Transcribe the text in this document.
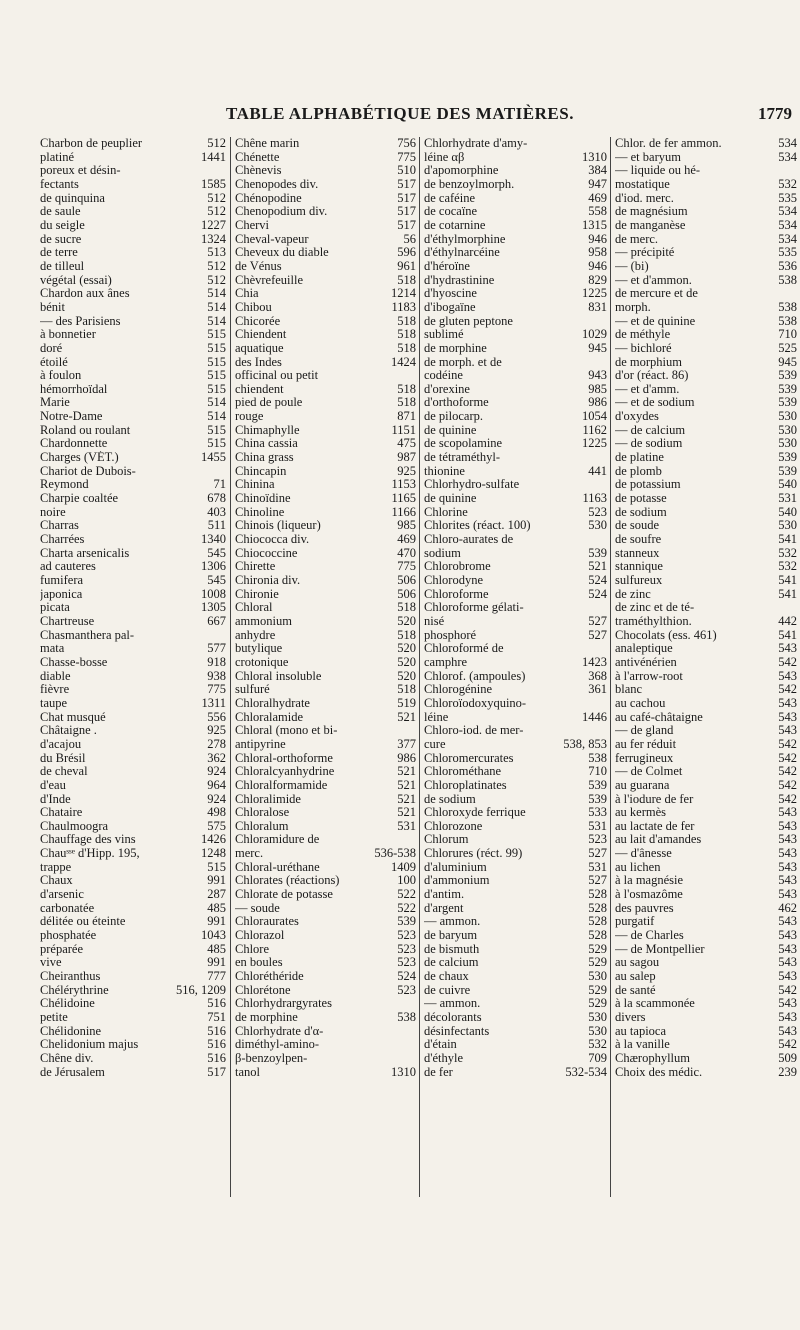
TABLE ALPHABÉTIQUE DES MATIÈRES.	1779
Charbon de peuplier	512
platiné	1441
poreux et désin-
fectants	1585
de quinquina	512
de saule	512
du seigle	1227
de sucre	1324
de terre	513
de tilleul	512
végétal (essai)	512
Chardon aux ânes	514
bénit	514
— des Parisiens	514
à bonnetier	515
doré	515
étoilé	515
à foulon	515
hémorrhoïdal	515
Marie	514
Notre-Dame	514
Roland ou roulant	515
Chardonnette	515
Charges (VÉT.)	1455
Chariot de Dubois-
Reymond	71
Charpie coaltée	678
noire	403
Charras	511
Charrées	1340
Charta arsenicalis	545
ad cauteres	1306
fumifera	545
japonica	1008
picata	1305
Chartreuse	667
Chasmanthera pal-
mata	577
Chasse-bosse	918
diable	938
fièvre	775
taupe	1311
Chat musqué	556
Châtaigne .	925
d'acajou	278
du Brésil	362
de cheval	924
d'eau	964
d'Inde	924
Chataire	498
Chaulmoogra	575
Chauffage des vins	1426
Chauˢˢᵉ d'Hipp. 195,	1248
trappe	515
Chaux	991
d'arsenic	287
carbonatée	485
délitée ou éteinte	991
phosphatée	1043
préparée	485
vive	991
Cheiranthus	777
Chélérythrine	516, 1209
Chélidoine	516
petite	751
Chélidonine	516
Chelidonium majus	516
Chêne div.	516
de Jérusalem	517
Chêne marin	756
Chénette	775
Chènevis	510
Chenopodes div.	517
Chénopodine	517
Chenopodium div.	517
Chervi	517
Cheval-vapeur	56
Cheveux du diable	596
de Vénus	961
Chèvrefeuille	518
Chia	1214
Chibou	1183
Chicorée	518
Chiendent	518
aquatique	518
des Indes	1424
officinal ou petit
chiendent	518
pied de poule	518
rouge	871
Chimaphylle	1151
China cassia	475
China grass	987
Chincapin	925
Chinina	1153
Chinoïdine	1165
Chinoline	1166
Chinois (liqueur)	985
Chiococca div.	469
Chiococcine	470
Chirette	775
Chironia div.	506
Chironie	506
Chloral	518
ammonium	520
anhydre	518
butylique	520
crotonique	520
Chloral insoluble	520
sulfuré	518
Chloralhydrate	519
Chloralamide	521
Chloral (mono et bi-
antipyrine	377
Chloral-orthoforme	986
Chloralcyanhydrine	521
Chloralformamide	521
Chloralimide	521
Chloralose	521
Chloralum	531
Chloramidure de
merc.	536-538
Chloral-uréthane	1409
Chlorates (réactions)	100
Chlorate de potasse	522
— soude	522
Chloraurates	539
Chlorazol	523
Chlore	523
en boules	523
Chloréthéride	524
Chlorétone	523
Chlorhydrargyrates
de morphine	538
Chlorhydrate d'α-
diméthyl-amino-
β-benzoylpen-
tanol	1310
Chlorhydrate d'amy-
léine αβ	1310
d'apomorphine	384
de benzoylmorph.	947
de caféine	469
de cocaïne	558
de cotarnine	1315
d'éthylmorphine	946
d'éthylnarcéine	958
d'héroïne	946
d'hydrastinine	829
d'hyoscine	1225
d'ibogaïne	831
de gluten peptone
sublimé	1029
de morphine	945
de morph. et de
codéine	943
d'orexine	985
d'orthoforme	986
de pilocarp.	1054
de quinine	1162
de scopolamine	1225
de tétraméthyl-
thionine	441
Chlorhydro-sulfate
de quinine	1163
Chlorine	523
Chlorites (réact. 100)	530
Chloro-aurates de
sodium	539
Chlorobrome	521
Chlorodyne	524
Chloroforme	524
Chloroforme gélati-
nisé	527
phosphoré	527
Chloroformé de
camphre	1423
Chlorof. (ampoules)	368
Chlorogénine	361
Chloroïodoxyquino-
léine	1446
Chloro-iod. de mer-
cure	538, 853
Chloromercurates	538
Chlorométhane	710
Chloroplatinates	539
de sodium	539
Chloroxyde ferrique	533
Chlorozone	531
Chlorum	523
Chlorures (réct. 99)	527
d'aluminium	531
d'ammonium	527
d'antim.	528
d'argent	528
— ammon.	528
de baryum	528
de bismuth	529
de calcium	529
de chaux	530
de cuivre	529
— ammon.	529
décolorants	530
désinfectants	530
d'étain	532
d'éthyle	709
de fer	532-534
Chlor. de fer ammon.	534
— et baryum	534
— liquide ou hé-
mostatique	532
d'iod. merc.	535
de magnésium	534
de manganèse	534
de merc.	534
— précipité	535
— (bi)	536
— et d'ammon.	538
de mercure et de
morph.	538
— et de quinine	538
de méthyle	710
— bichloré	525
de morphium	945
d'or (réact. 86)	539
— et d'amm.	539
— et de sodium	539
d'oxydes	530
— de calcium	530
— de sodium	530
de platine	539
de plomb	539
de potassium	540
de potasse	531
de sodium	540
de soude	530
de soufre	541
stanneux	532
stannique	532
sulfureux	541
de zinc	541
de zinc et de té-
traméthylthion.	442
Chocolats (ess. 461)	541
analeptique	543
antivénérien	542
à l'arrow-root	543
blanc	542
au cachou	543
au café-châtaigne	543
— de gland	543
au fer réduit	542
ferrugineux	542
— de Colmet	542
au guarana	542
à l'iodure de fer	542
au kermès	543
au lactate de fer	543
au lait d'amandes	543
— d'ânesse	543
au lichen	543
à la magnésie	543
à l'osmazôme	543
des pauvres	462
purgatif	543
— de Charles	543
— de Montpellier	543
au sagou	543
au salep	543
de santé	542
à la scammonée	543
divers	543
au tapioca	543
à la vanille	542
Chærophyllum	509
Choix des médic.	239
